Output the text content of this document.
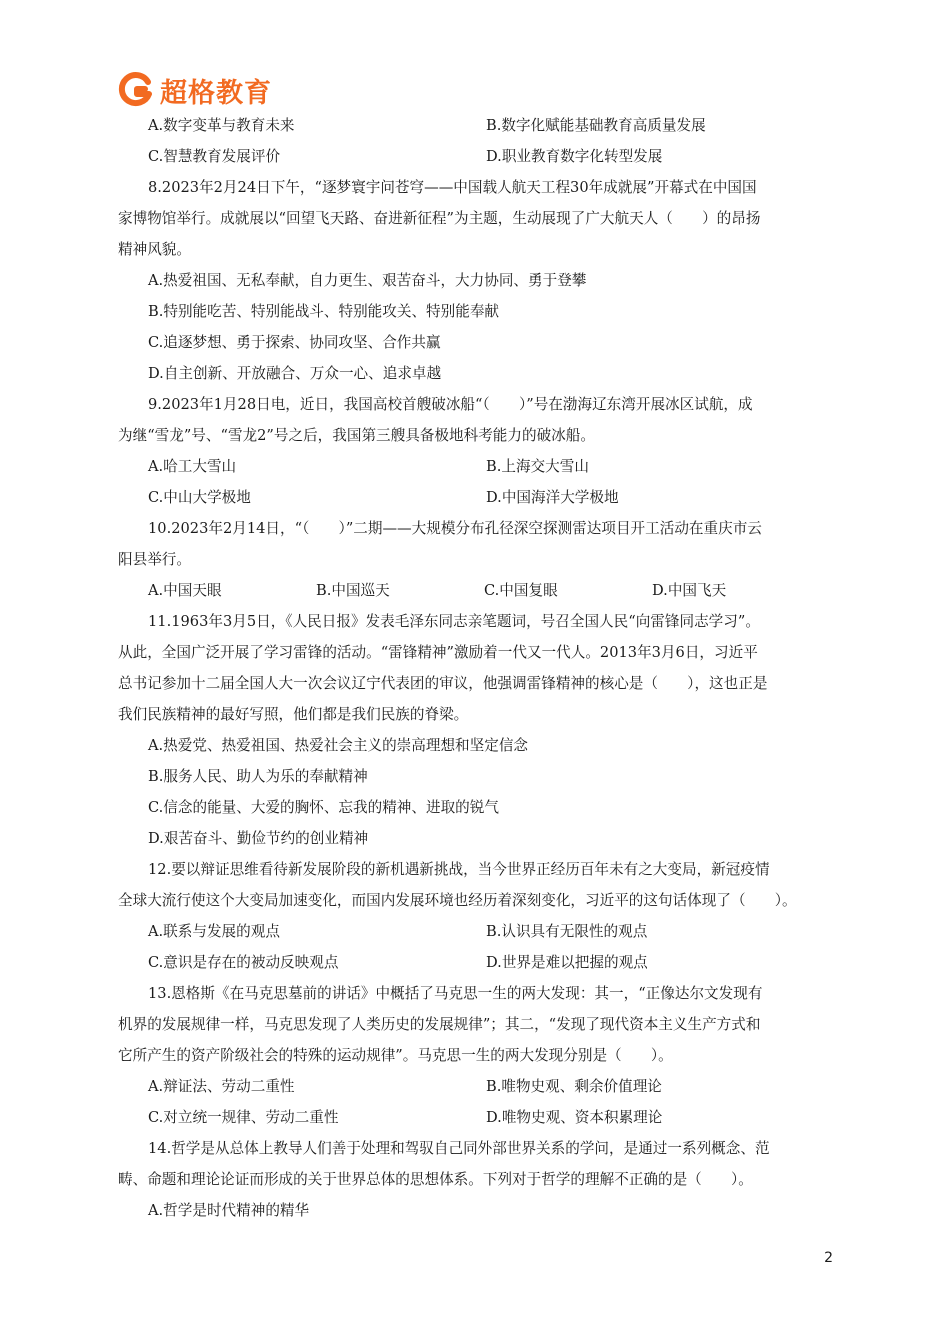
超格教育
A.数字变革与教育未来	B.数字化赋能基础教育高质量发展
C.智慧教育发展评价	D.职业教育数字化转型发展
8.2023年2月24日下午，“逐梦寰宇问苍穹——中国载人航天工程30年成就展”开幕式在中国国
家博物馆举行。成就展以“回望飞天路、奋进新征程”为主题，生动展现了广大航天人（　　）的昂扬
精神风貌。
A.热爱祖国、无私奉献，自力更生、艰苦奋斗，大力协同、勇于登攀
B.特别能吃苦、特别能战斗、特别能攻关、特别能奉献
C.追逐梦想、勇于探索、协同攻坚、合作共赢
D.自主创新、开放融合、万众一心、追求卓越
9.2023年1月28日电，近日，我国高校首艘破冰船“（　　）”号在渤海辽东湾开展冰区试航，成
为继“雪龙”号、“雪龙2”号之后，我国第三艘具备极地科考能力的破冰船。
A.哈工大雪山	B.上海交大雪山
C.中山大学极地	D.中国海洋大学极地
10.2023年2月14日，“（　　）”二期——大规模分布孔径深空探测雷达项目开工活动在重庆市云
阳县举行。
A.中国天眼	B.中国巡天	C.中国复眼	D.中国飞天
11.1963年3月5日，《人民日报》发表毛泽东同志亲笔题词，号召全国人民“向雷锋同志学习”。
从此，全国广泛开展了学习雷锋的活动。“雷锋精神”激励着一代又一代人。2013年3月6日，习近平
总书记参加十二届全国人大一次会议辽宁代表团的审议，他强调雷锋精神的核心是（　　），这也正是
我们民族精神的最好写照，他们都是我们民族的脊梁。
A.热爱党、热爱祖国、热爱社会主义的崇高理想和坚定信念
B.服务人民、助人为乐的奉献精神
C.信念的能量、大爱的胸怀、忘我的精神、进取的锐气
D.艰苦奋斗、勤俭节约的创业精神
12.要以辩证思维看待新发展阶段的新机遇新挑战，当今世界正经历百年未有之大变局，新冠疫情
全球大流行使这个大变局加速变化，而国内发展环境也经历着深刻变化，习近平的这句话体现了（　　）。
A.联系与发展的观点	B.认识具有无限性的观点
C.意识是存在的被动反映观点	D.世界是难以把握的观点
13.恩格斯《在马克思墓前的讲话》中概括了马克思一生的两大发现：其一，“正像达尔文发现有
机界的发展规律一样，马克思发现了人类历史的发展规律”；其二，“发现了现代资本主义生产方式和
它所产生的资产阶级社会的特殊的运动规律”。马克思一生的两大发现分别是（　　）。
A.辩证法、劳动二重性	B.唯物史观、剩余价值理论
C.对立统一规律、劳动二重性	D.唯物史观、资本积累理论
14.哲学是从总体上教导人们善于处理和驾驭自己同外部世界关系的学问，是通过一系列概念、范
畴、命题和理论论证而形成的关于世界总体的思想体系。下列对于哲学的理解不正确的是（　　）。
A.哲学是时代精神的精华
2
